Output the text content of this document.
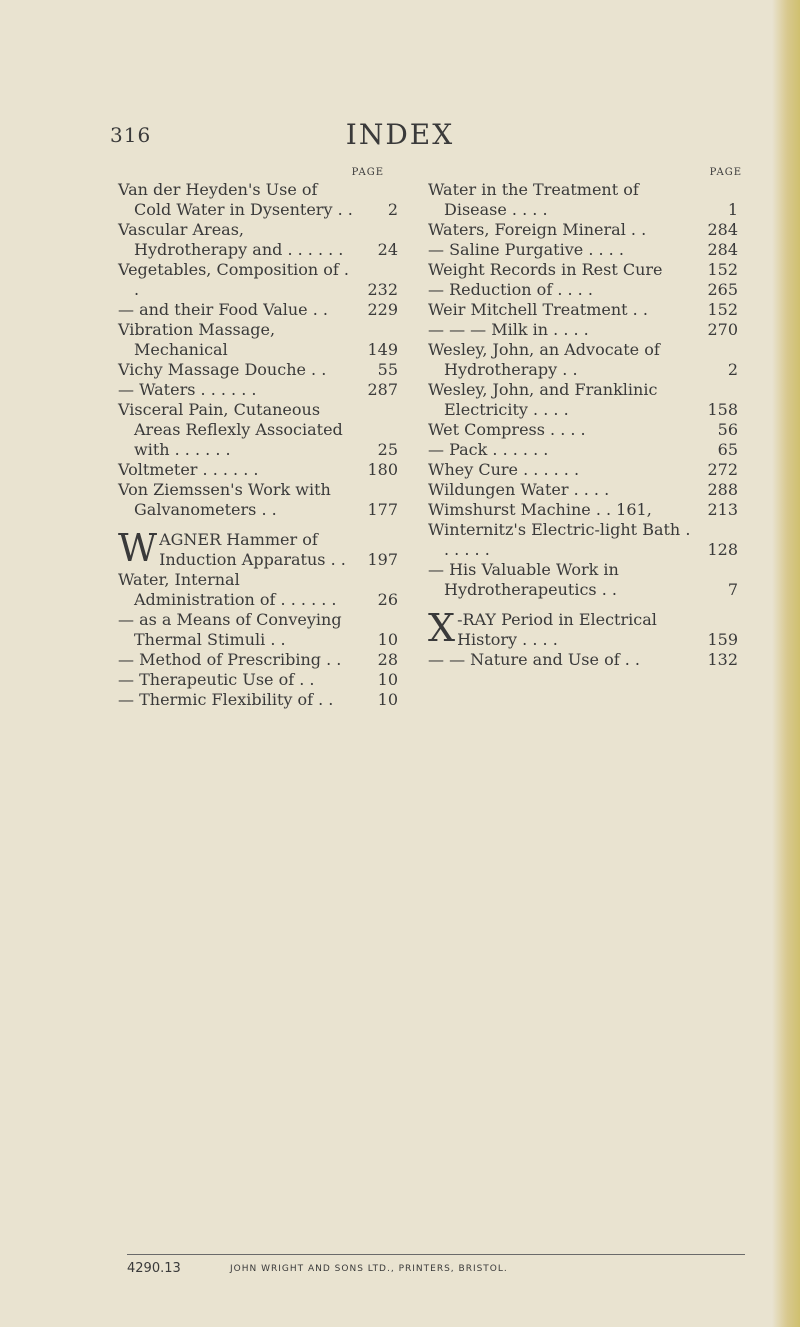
316	INDEX
PAGE
Van der Heyden's Use of Cold Water in Dysentery . .	2
Vascular Areas, Hydrotherapy and . . . . . .	24
Vegetables, Composition of . .	232
— and their Food Value . .	229
Vibration Massage, Mechanical	149
Vichy Massage Douche . .	55
— Waters . . . . . .	287
Visceral Pain, Cutaneous Areas Reflexly Associated with . . . . . .	25
Voltmeter . . . . . .	180
Von Ziemssen's Work with Galvanometers . .	177
W AGNER Hammer of Induction Apparatus . .	197
Water, Internal Administration of . . . . . .	26
— as a Means of Conveying Thermal Stimuli . .	10
— Method of Prescribing . .	28
— Therapeutic Use of . .	10
— Thermic Flexibility of . .	10
PAGE
Water in the Treatment of Disease . . . .	1
Waters, Foreign Mineral . .	284
— Saline Purgative . . . .	284
Weight Records in Rest Cure	152
— Reduction of . . . .	265
Weir Mitchell Treatment . .	152
— — — Milk in . . . .	270
Wesley, John, an Advocate of Hydrotherapy . .	2
Wesley, John, and Franklinic Electricity . . . .	158
Wet Compress . . . .	56
— Pack . . . . . .	65
Whey Cure . . . . . .	272
Wildungen Water . . . .	288
Wimshurst Machine . . 161,	213
Winternitz's Electric-light Bath . . . . . .	128
— His Valuable Work in Hydrotherapeutics . .	7
X -RAY Period in Electrical History . . . .	159
— — Nature and Use of . .	132
4290.13	JOHN WRIGHT AND SONS LTD., PRINTERS, BRISTOL.
